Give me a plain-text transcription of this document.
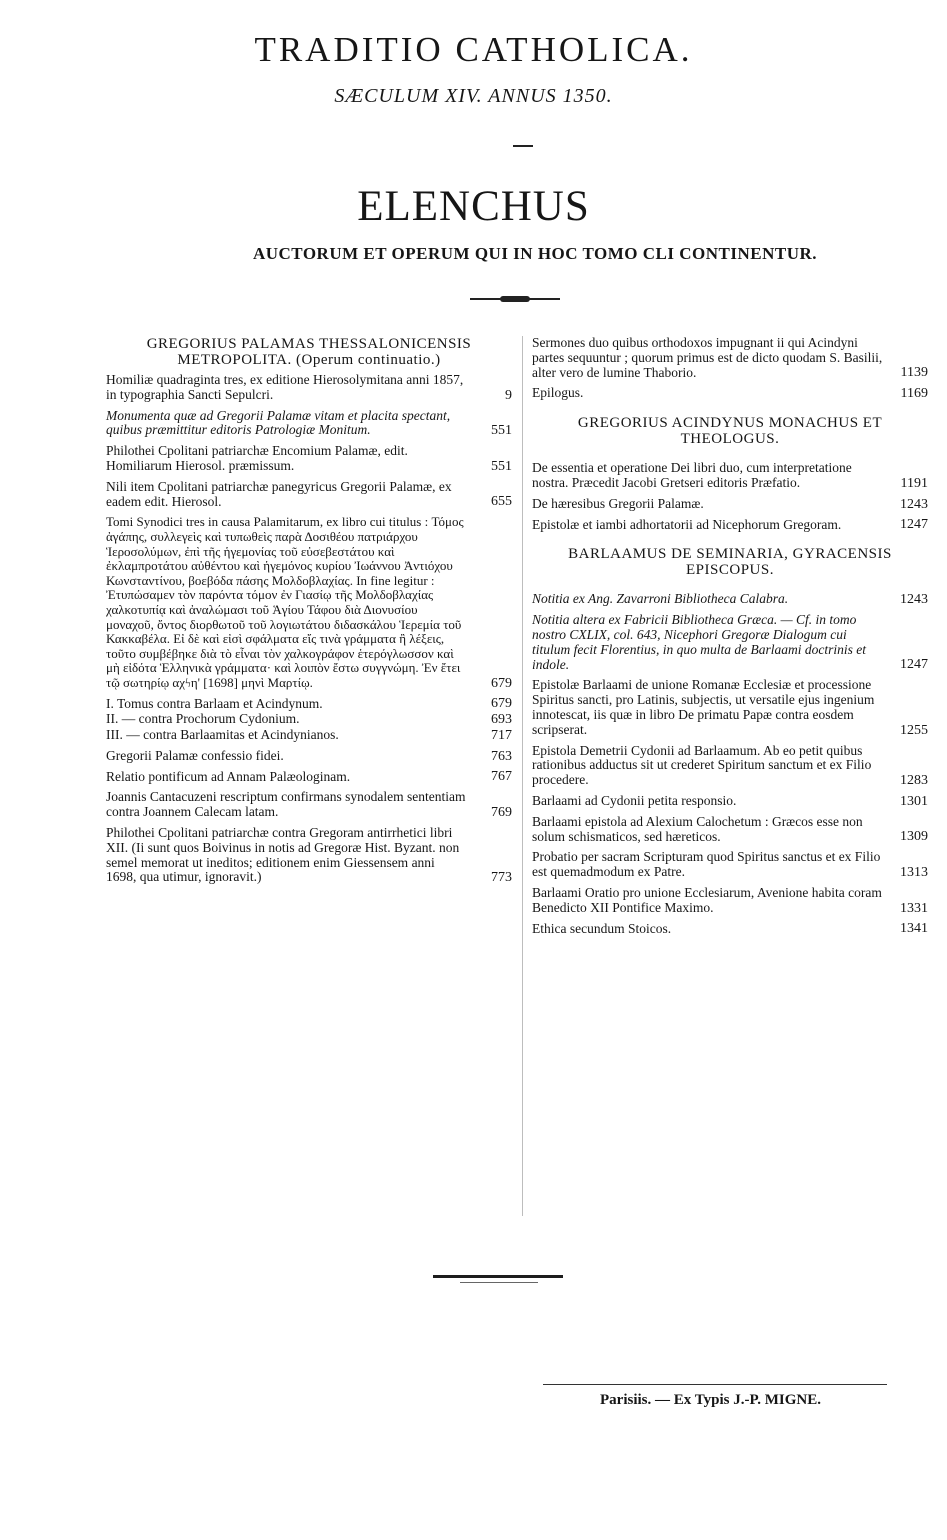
TRADITIO CATHOLICA.
SÆCULUM XIV. ANNUS 1350.
ELENCHUS
AUCTORUM ET OPERUM QUI IN HOC TOMO CLI CONTINENTUR.
GREGORIUS PALAMAS THESSALONICENSIS METROPOLITA. (Operum continuatio.)
Homiliæ quadraginta tres, ex editione Hierosolymitana anni 1857, in typographia Sancti Sepulcri.	9
Monumenta quæ ad Gregorii Palamæ vitam et placita spectant, quibus præmittitur editoris Patrologiæ Monitum.	551
Philothei Cpolitani patriarchæ Encomium Palamæ, edit. Homiliarum Hierosol. præmissum.	551
Nili item Cpolitani patriarchæ panegyricus Gregorii Palamæ, ex eadem edit. Hierosol.	655
Tomi Synodici tres in causa Palamitarum, ex libro cui titulus : Τόμος ἀγάπης, συλλεγεὶς καὶ τυπωθεὶς παρὰ Δοσιθέου πατριάρχου Ἱεροσολύμων, ἐπὶ τῆς ἡγεμονίας τοῦ εὐσεβεστάτου καὶ ἐκλαμπροτάτου αὐθέντου καὶ ἡγεμόνος κυρίου Ἰωάννου Ἀντιόχου Κωνσταντίνου, βοεβόδα πάσης Μολδοβλαχίας. In fine legitur : Ἐτυπώσαμεν τὸν παρόντα τόμον ἐν Γιασίῳ τῆς Μολδοβλαχίας χαλκοτυπίᾳ καὶ ἀναλώμασι τοῦ Ἁγίου Τάφου διὰ Διονυσίου μοναχοῦ, ὄντος διορθωτοῦ τοῦ λογιωτάτου διδασκάλου Ἱερεμία τοῦ Κακκαβέλα. Εἰ δὲ καὶ εἰσὶ σφάλματα εἴς τινὰ γράμματα ἢ λέξεις, τοῦτο συμβέβηκε διὰ τὸ εἶναι τὸν χαλκογράφον ἑτερόγλωσσον καὶ μὴ εἰδότα Ἑλληνικὰ γράμματα· καὶ λοιπὸν ἔστω συγγνώμη. Ἐν ἔτει τῷ σωτηρίῳ αχϟη' [1698] μηνὶ Μαρτίῳ.	679
I. Tomus contra Barlaam et Acindynum.	679
II. — contra Prochorum Cydonium.	693
III. — contra Barlaamitas et Acindynianos.	717
Gregorii Palamæ confessio fidei.	763
Relatio pontificum ad Annam Palæologinam.	767
Joannis Cantacuzeni rescriptum confirmans synodalem sententiam contra Joannem Calecam latam.	769
Philothei Cpolitani patriarchæ contra Gregoram antirrhetici libri XII. (Ii sunt quos Boivinus in notis ad Gregoræ Hist. Byzant. non semel memorat ut ineditos; editionem enim Giessensem anni 1698, qua utimur, ignoravit.)	773
Sermones duo quibus orthodoxos impugnant ii qui Acindyni partes sequuntur ; quorum primus est de dicto quodam S. Basilii, alter vero de lumine Thaborio.	1139
Epilogus.	1169
GREGORIUS ACINDYNUS MONACHUS ET THEOLOGUS.
De essentia et operatione Dei libri duo, cum interpretatione nostra. Præcedit Jacobi Gretseri editoris Præfatio.	1191
De hæresibus Gregorii Palamæ.	1243
Epistolæ et iambi adhortatorii ad Nicephorum Gregoram.	1247
BARLAAMUS DE SEMINARIA, GYRACENSIS EPISCOPUS.
Notitia ex Ang. Zavarroni Bibliotheca Calabra.	1243
Notitia altera ex Fabricii Bibliotheca Græca. — Cf. in tomo nostro CXLIX, col. 643, Nicephori Gregoræ Dialogum cui titulum fecit Florentius, in quo multa de Barlaami doctrinis et indole.	1247
Epistolæ Barlaami de unione Romanæ Ecclesiæ et processione Spiritus sancti, pro Latinis, subjectis, ut versatile ejus ingenium innotescat, iis quæ in libro De primatu Papæ contra eosdem scripserat.	1255
Epistola Demetrii Cydonii ad Barlaamum. Ab eo petit quibus rationibus adductus sit ut crederet Spiritum sanctum et ex Filio procedere.	1283
Barlaami ad Cydonii petita responsio.	1301
Barlaami epistola ad Alexium Calochetum : Græcos esse non solum schismaticos, sed hæreticos.	1309
Probatio per sacram Scripturam quod Spiritus sanctus et ex Filio est quemadmodum ex Patre.	1313
Barlaami Oratio pro unione Ecclesiarum, Avenione habita coram Benedicto XII Pontifice Maximo.	1331
Ethica secundum Stoicos.	1341
Parisiis. — Ex Typis J.-P. MIGNE.
